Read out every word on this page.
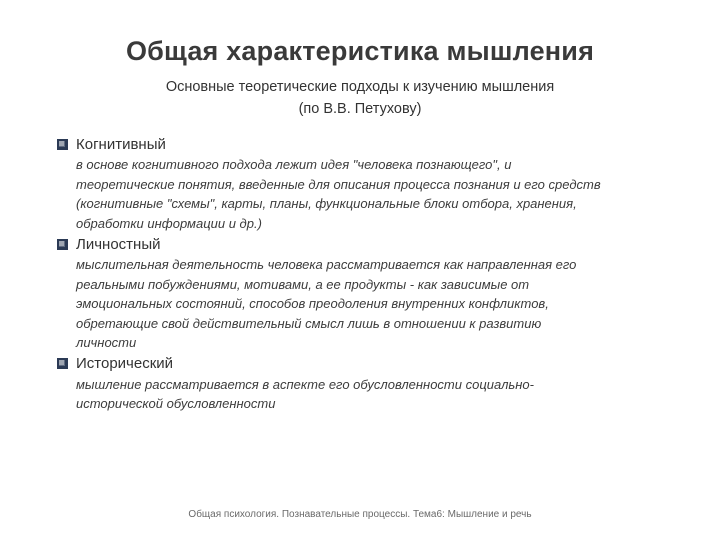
Общая характеристика мышления
Основные теоретические подходы к изучению мышления
(по В.В. Петухову)
Когнитивный
в основе когнитивного подхода лежит идея "человека познающего", и
теоретические понятия, введенные для описания процесса познания и его средств
(когнитивные "схемы", карты, планы, функциональные блоки отбора, хранения,
обработки информации и др.)
Личностный
мыслительная деятельность человека рассматривается как направленная его
реальными побуждениями, мотивами, а ее продукты - как зависимые от
эмоциональных состояний, способов преодоления внутренних конфликтов,
обретающие свой действительный смысл лишь в отношении к развитию
личности
Исторический
мышление рассматривается в аспекте его обусловленности социально-
исторической обусловленности
Общая психология. Познавательные процессы. Тема6: Мышление и речь
